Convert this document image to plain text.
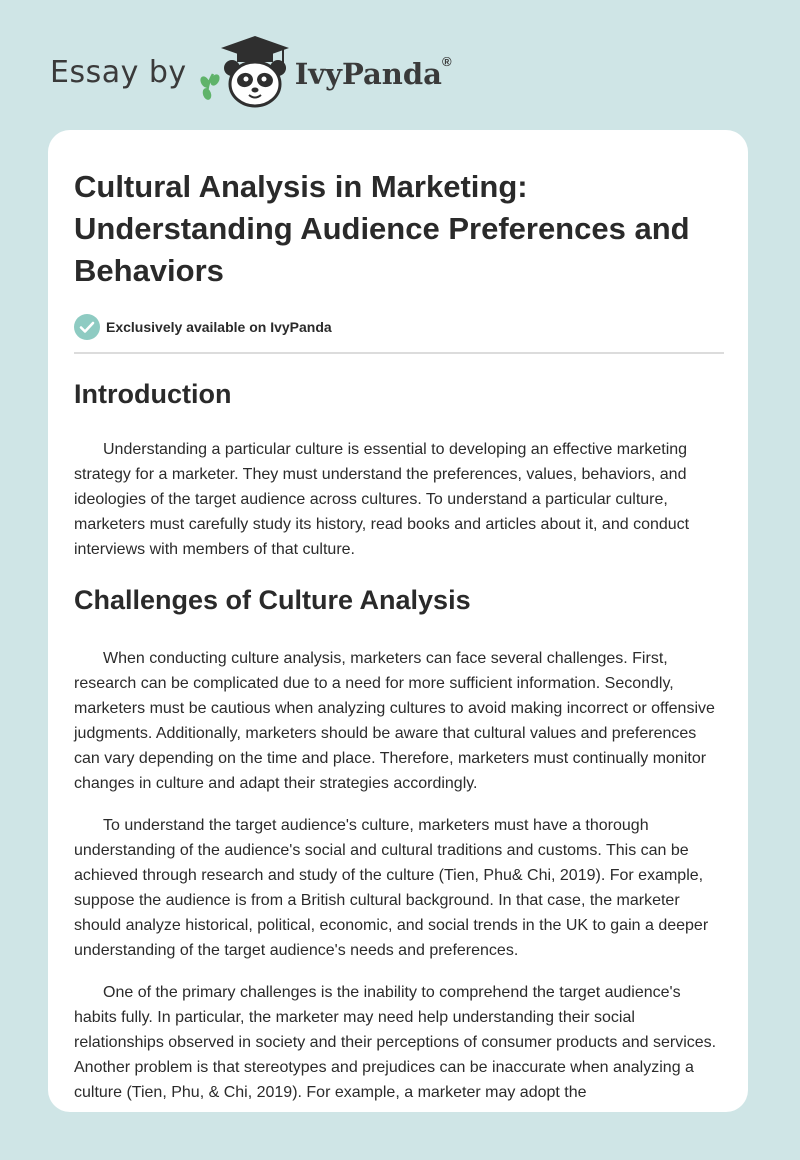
Essay by	IvyPanda®
Cultural Analysis in Marketing: Understanding Audience Preferences and Behaviors
Exclusively available on IvyPanda
Introduction

Understanding a particular culture is essential to developing an effective marketing strategy for a marketer. They must understand the preferences, values, behaviors, and ideologies of the target audience across cultures. To understand a particular culture, marketers must carefully study its history, read books and articles about it, and conduct interviews with members of that culture.

Challenges of Culture Analysis

When conducting culture analysis, marketers can face several challenges. First, research can be complicated due to a need for more sufficient information. Secondly, marketers must be cautious when analyzing cultures to avoid making incorrect or offensive judgments. Additionally, marketers should be aware that cultural values and preferences can vary depending on the time and place. Therefore, marketers must continually monitor changes in culture and adapt their strategies accordingly.

To understand the target audience's culture, marketers must have a thorough understanding of the audience's social and cultural traditions and customs. This can be achieved through research and study of the culture (Tien, Phu& Chi, 2019). For example, suppose the audience is from a British cultural background. In that case, the marketer should analyze historical, political, economic, and social trends in the UK to gain a deeper understanding of the target audience's needs and preferences.

One of the primary challenges is the inability to comprehend the target audience's habits fully. In particular, the marketer may need help understanding their social relationships observed in society and their perceptions of consumer products and services. Another problem is that stereotypes and prejudices can be inaccurate when analyzing a culture (Tien, Phu, & Chi, 2019). For example, a marketer may adopt the
